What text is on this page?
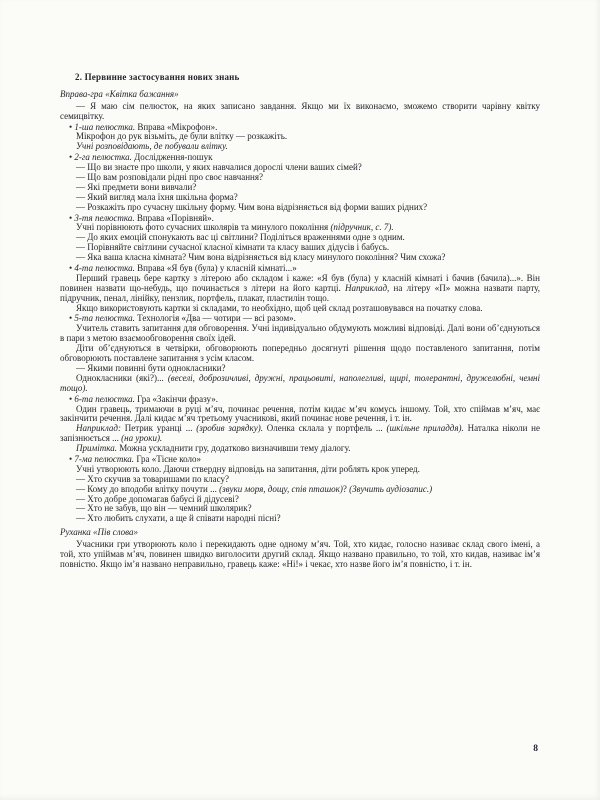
2. Первинне застосування нових знань

Вправа-гра «Квітка бажання»

— Я маю сім пелюсток, на яких записано завдання. Якщо ми їх виконаємо, зможемо створити чарівну квітку семицвітку.

• 1-ша пелюстка. Вправа «Мікрофон».

Мікрофон до рук візьміть, де були влітку — розкажіть.

Учні розповідають, де побували влітку.

• 2-га пелюстка. Дослідження-пошук

— Що ви знаєте про школи, у яких навчалися дорослі члени ваших сімей?

— Що вам розповідали рідні про своє навчання?

— Які предмети вони вивчали?

— Який вигляд мала їхня шкільна форма?

— Розкажіть про сучасну шкільну форму. Чим вона відрізняється від форми ваших рідних?

• 3-тя пелюстка. Вправа «Порівняй».

Учні порівнюють фото сучасних школярів та минулого покоління (підручник, с. 7).

— До яких емоцій спонукають вас ці світлини? Поділіться враженнями одне з одним.

— Порівняйте світлини сучасної класної кімнати та класу ваших дідусів і бабусь.

— Яка ваша класна кімната? Чим вона відрізняється від класу минулого покоління? Чим схожа?

• 4-та пелюстка. Вправа «Я був (була) у класній кімнаті...»

Перший гравець бере картку з літерою або складом і каже: «Я був (була) у класній кімнаті і бачив (бачила)...». Він повинен назвати що-небудь, що починається з літери на його картці. Наприклад, на літеру «П» можна назвати парту, підручник, пенал, лінійку, пензлик, портфель, плакат, пластилін тощо.

Якщо використовують картки зі складами, то необхідно, щоб цей склад розташовувався на початку слова.

• 5-та пелюстка. Технологія «Два — чотири — всі разом».

Учитель ставить запитання для обговорення. Учні індивідуально обдумують можливі відповіді. Далі вони об’єднуються в пари з метою взаємообговорення своїх ідей.

Діти об’єднуються в четвірки, обговорюють попередньо досягнуті рішення щодо поставленого запитання, потім обговорюють поставлене запитання з усім класом.

— Якими повинні бути однокласники?

Однокласники (які?)... (веселі, доброзичливі, дружні, працьовиті, наполегливі, щирі, толерантні, дружелюбні, чемні тощо).

• 6-та пелюстка. Гра «Закінчи фразу».

Один гравець, тримаючи в руці м’яч, починає речення, потім кидає м’яч комусь іншому. Той, хто спіймав м’яч, має закінчити речення. Далі кидає м’яч третьому учасникові, який починає нове речення, і т. ін.

Наприклад: Петрик уранці ... (зробив зарядку). Оленка склала у портфель ... (шкільне приладдя). Наталка ніколи не запізнюється ... (на уроки).

Примітка. Можна ускладнити гру, додатково визначивши тему діалогу.

• 7-ма пелюстка. Гра «Тісне коло»

Учні утворюють коло. Даючи ствердну відповідь на запитання, діти роблять крок уперед.

— Хто скучив за товаришами по класу?

— Кому до вподоби влітку почути ... (звуки моря, дощу, спів пташок)? (Звучить аудіозапис.)

— Хто добре допомагав бабусі й дідусеві?

— Хто не забув, що він — чемний школярик?

— Хто любить слухати, а ще й співати народні пісні?

Руханка «Пів слова»

Учасники гри утворюють коло і перекидають одне одному м’яч. Той, хто кидає, голосно називає склад свого імені, а той, хто упіймав м’яч, повинен швидко виголосити другий склад. Якщо названо правильно, то той, хто кидав, називає ім’я повністю. Якщо ім’я названо неправильно, гравець каже: «Ні!» і чекає, хто назве його ім’я повністю, і т. ін.

8
